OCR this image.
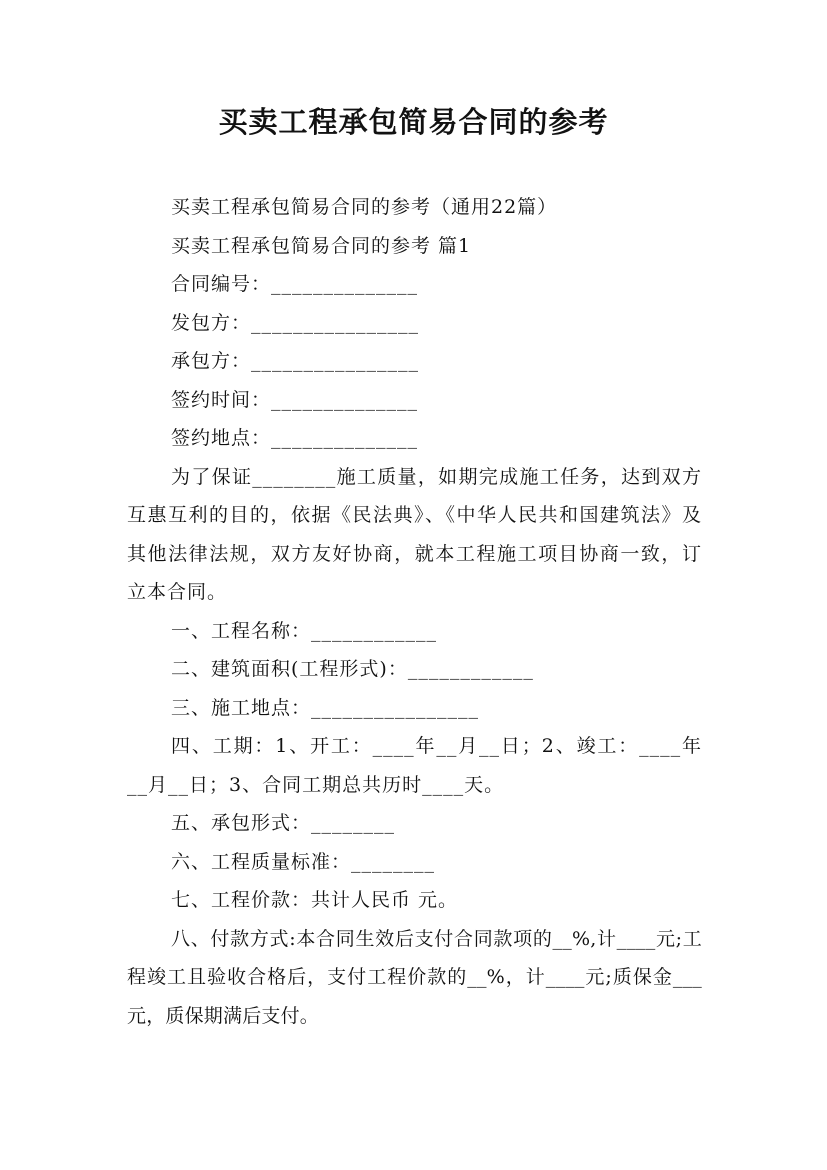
买卖工程承包简易合同的参考

买卖工程承包简易合同的参考（通用22篇）

买卖工程承包简易合同的参考 篇1

合同编号：______________

发包方：________________

承包方：________________

签约时间：______________

签约地点：______________

为了保证________施工质量，如期完成施工任务，达到双方互惠互利的目的，依据《民法典》、《中华人民共和国建筑法》及其他法律法规，双方友好协商，就本工程施工项目协商一致，订立本合同。

一、工程名称：____________

二、建筑面积(工程形式)：____________

三、施工地点：________________

四、工期：1、开工：____年__月__日；2、竣工：____年__月__日；3、合同工期总共历时____天。

五、承包形式：________

六、工程质量标准：________

七、工程价款：共计人民币 元。

八、付款方式:本合同生效后支付合同款项的__%,计____元;工程竣工且验收合格后，支付工程价款的__%，计____元;质保金___元，质保期满后支付。
